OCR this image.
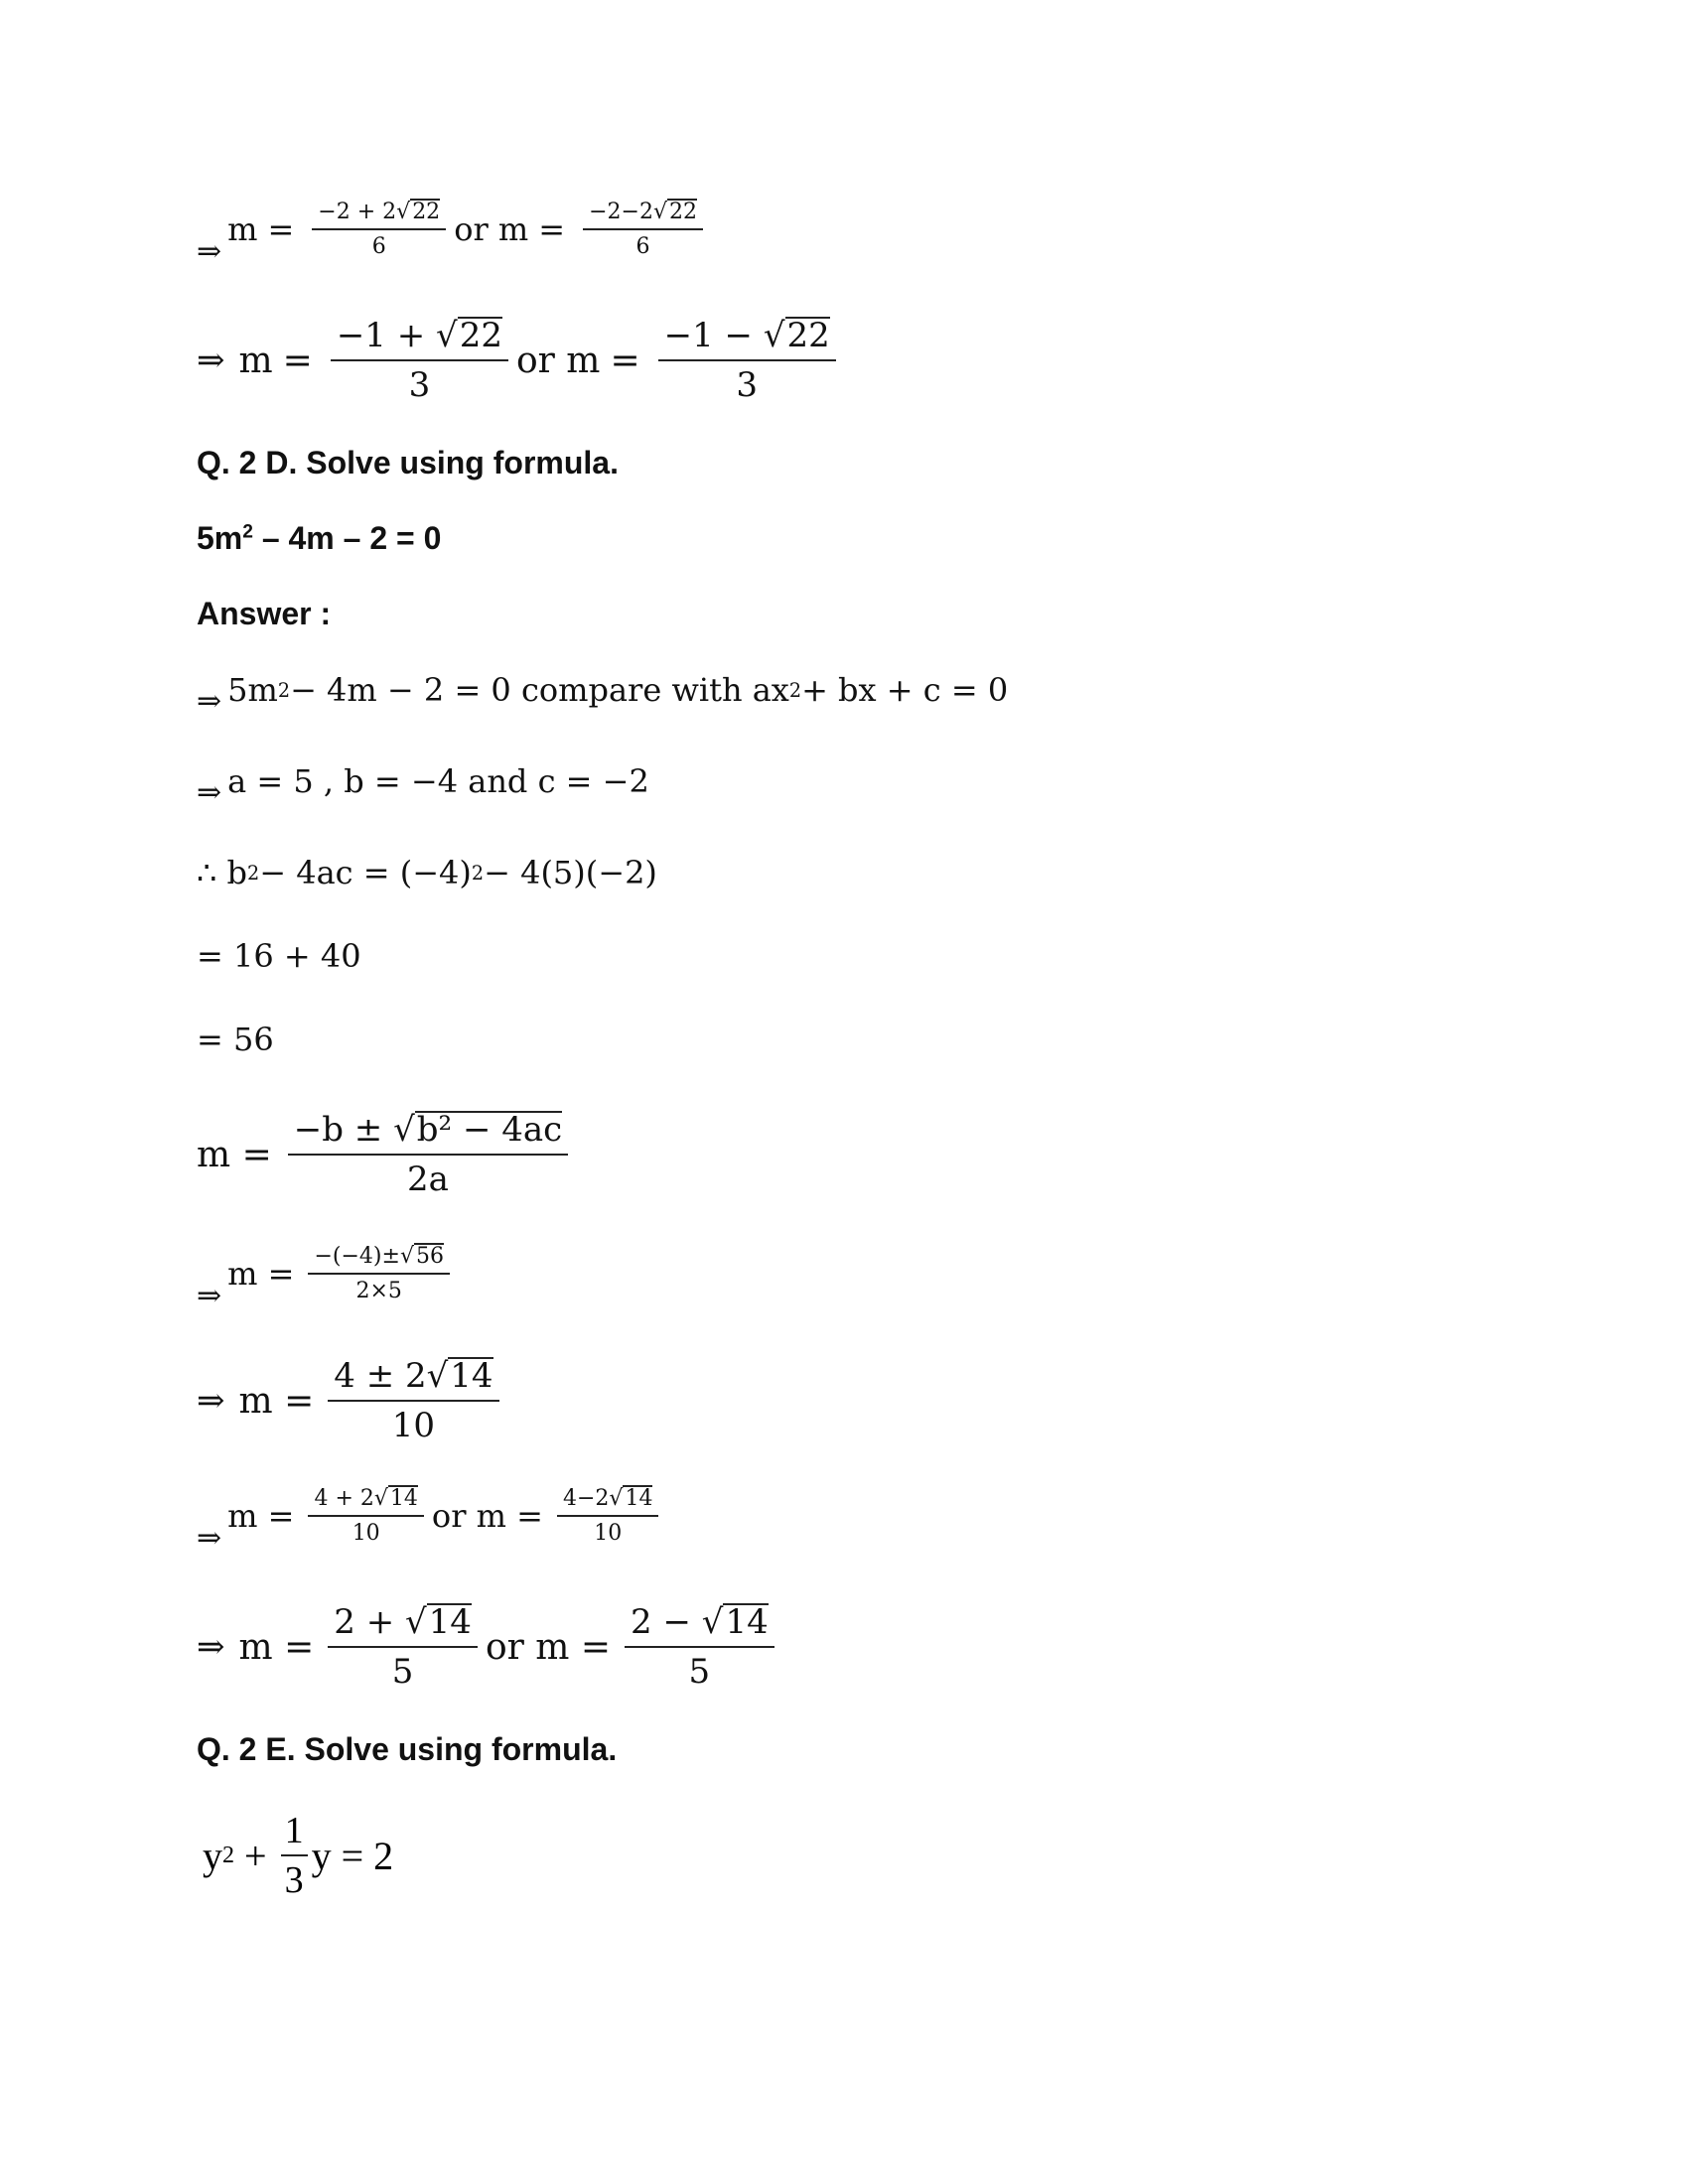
⇒
$m = \frac{-2 + 2√22}{6}$ or $m = \frac{-2-2√22}{6}$
⇒ $m = \frac{-1 + √22}{3}$ or $m = \frac{-1 - √22}{3}$
Q. 2 D. Solve using formula.
$5m^2 - 4m - 2 = 0$
Answer :
⇒ 5m 2 − 4m − 2 = 0 compare with ax 2 + bx + c = 0
⇒ a = 5 , b = −4 and c = −2
∴ b 2 − 4ac = (−4) 2 − 4(5)(−2)
= 16 + 40
= 56
$m = \frac{\text{−b ± √b² − 4ac}}{2a}$
⇒
$m = \frac{-(-4)\pm√56}{2\times 5}$
⇒ $m = \frac{4 \pm 2√14}{10}$
⇒
$m = \frac{4 + 2√14}{10}$ or $m = \frac{4-2√14}{10}$
⇒ $m = \frac{2 + √14}{5}$ or $m = \frac{2 - √14}{5}$
Q. 2 E. Solve using formula.
y $2 + \frac{1}{3}$ y = 2
